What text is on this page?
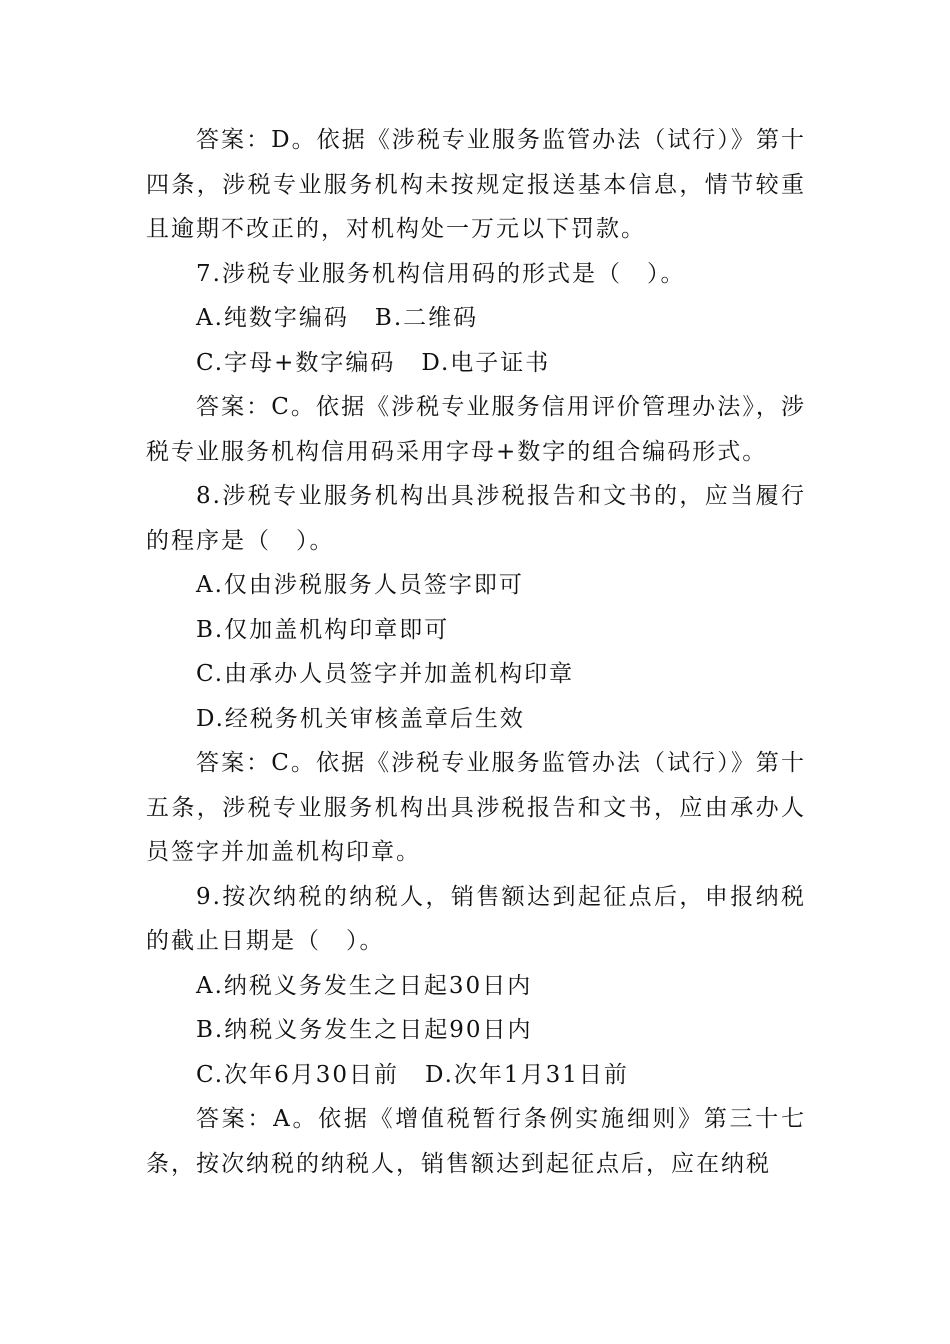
答案：D。依据《涉税专业服务监管办法（试行）》第十四条，涉税专业服务机构未按规定报送基本信息，情节较重且逾期不改正的，对机构处一万元以下罚款。

7.涉税专业服务机构信用码的形式是（　）。

A.纯数字编码 B.二维码

C.字母+数字编码 D.电子证书

答案：C。依据《涉税专业服务信用评价管理办法》，涉税专业服务机构信用码采用字母+数字的组合编码形式。

8.涉税专业服务机构出具涉税报告和文书的，应当履行的程序是（　）。

A.仅由涉税服务人员签字即可

B.仅加盖机构印章即可

C.由承办人员签字并加盖机构印章

D.经税务机关审核盖章后生效

答案：C。依据《涉税专业服务监管办法（试行）》第十五条，涉税专业服务机构出具涉税报告和文书，应由承办人员签字并加盖机构印章。

9.按次纳税的纳税人，销售额达到起征点后，申报纳税的截止日期是（　）。

A.纳税义务发生之日起30日内

B.纳税义务发生之日起90日内

C.次年6月30日前 D.次年1月31日前

答案：A。依据《增值税暂行条例实施细则》第三十七条，按次纳税的纳税人，销售额达到起征点后，应在纳税
